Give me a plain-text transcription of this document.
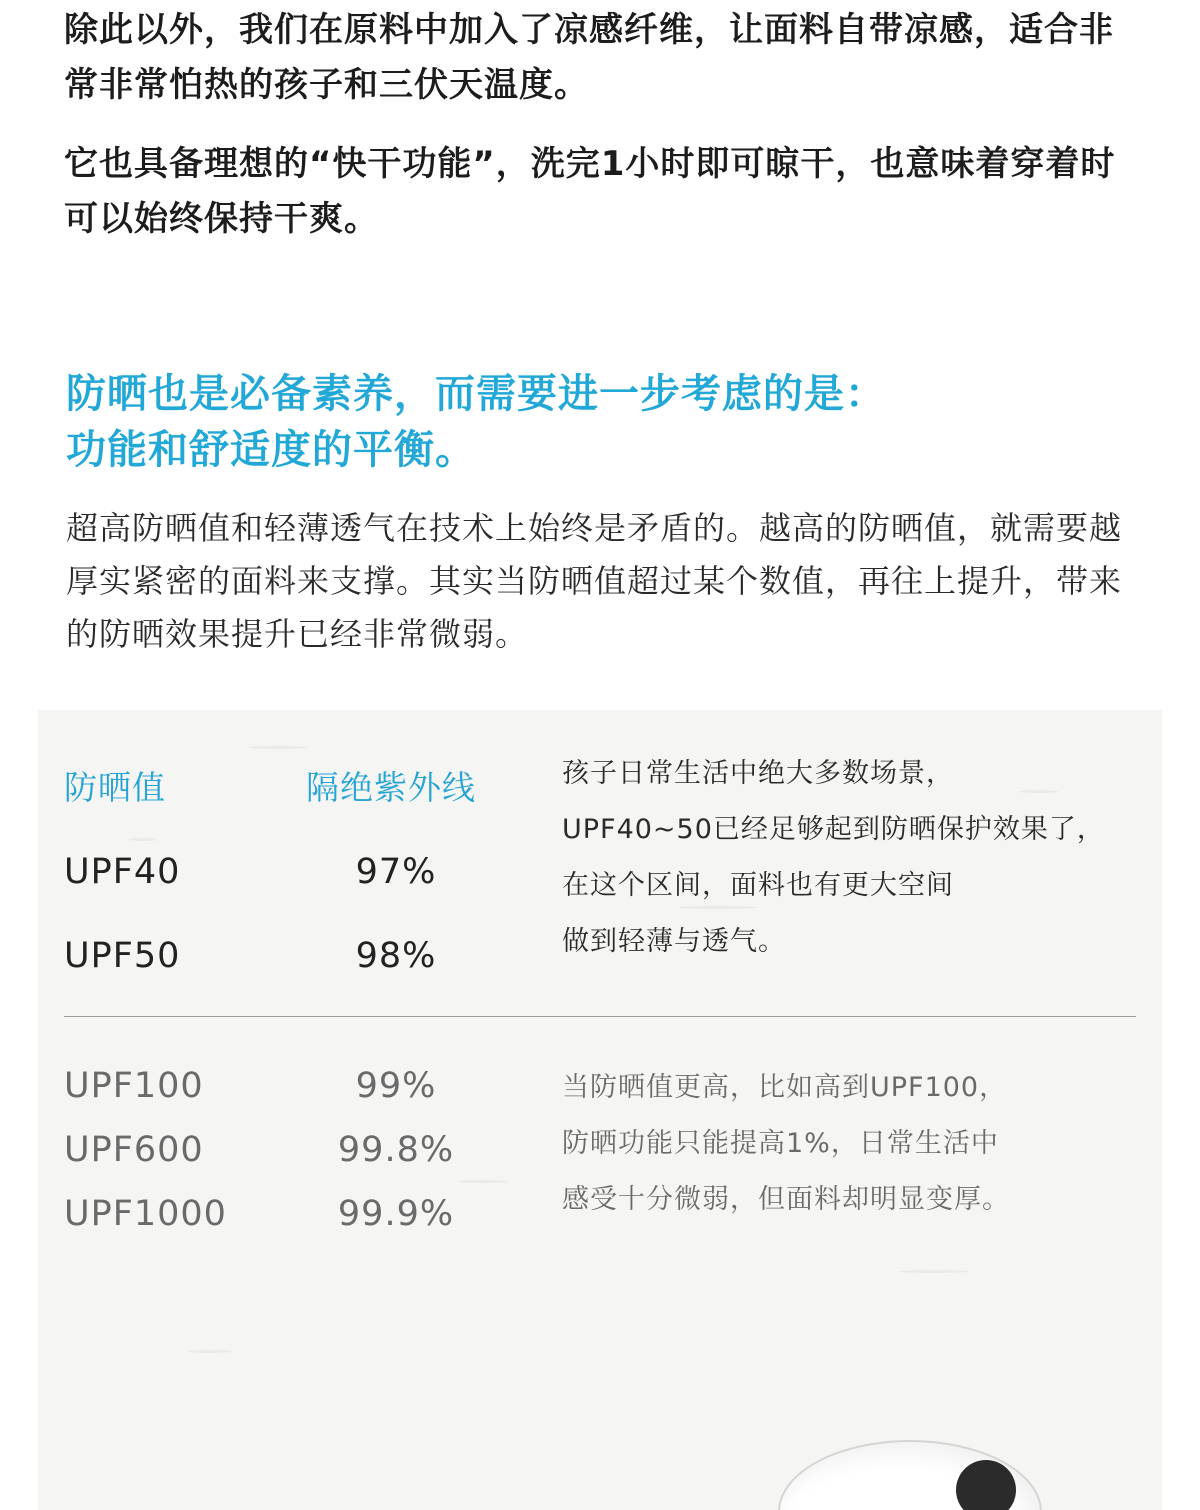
除此以外，我们在原料中加入了凉感纤维，让面料自带凉感，适合非常非常怕热的孩子和三伏天温度。

它也具备理想的“快干功能”，洗完1小时即可晾干，也意味着穿着时可以始终保持干爽。

防晒也是必备素养，而需要进一步考虑的是：
功能和舒适度的平衡。

超高防晒值和轻薄透气在技术上始终是矛盾的。越高的防晒值，就需要越厚实紧密的面料来支撑。其实当防晒值超过某个数值，再往上提升，带来的防晒效果提升已经非常微弱。

防晒值	隔绝紫外线
UPF40	97%
UPF50	98%

孩子日常生活中绝大多数场景，
UPF40~50已经足够起到防晒保护效果了，
在这个区间，面料也有更大空间
做到轻薄与透气。

UPF100	99%
UPF600	99.8%
UPF1000	99.9%

当防晒值更高，比如高到UPF100，
防晒功能只能提高1%，日常生活中
感受十分微弱，但面料却明显变厚。
